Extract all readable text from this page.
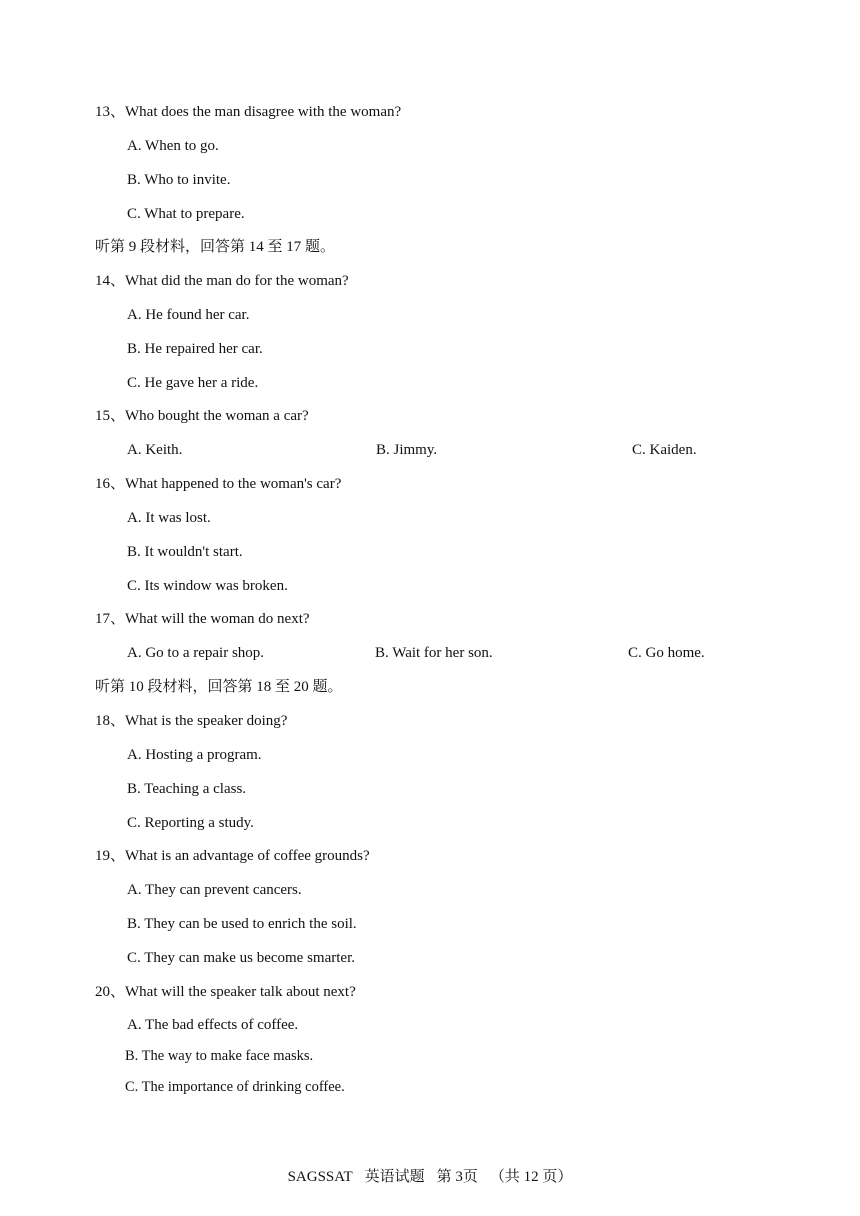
13、What does the man disagree with the woman?
A. When to go.
B. Who to invite.
C. What to prepare.
听第 9 段材料，回答第 14 至 17 题。
14、What did the man do for the woman?
A. He found her car.
B. He repaired her car.
C. He gave her a ride.
15、Who bought the woman a car?
A. Keith.	B. Jimmy.	C. Kaiden.
16、What happened to the woman's car?
A. It was lost.
B. It wouldn't start.
C. Its window was broken.
17、What will the woman do next?
A. Go to a repair shop.	B. Wait for her son.	C. Go home.
听第 10 段材料，回答第 18 至 20 题。
18、What is the speaker doing?
A. Hosting a program.
B. Teaching a class.
C. Reporting a study.
19、What is an advantage of coffee grounds?
A. They can prevent cancers.
B. They can be used to enrich the soil.
C. They can make us become smarter.
20、What will the speaker talk about next?
A. The bad effects of coffee.
B. The way to make face masks.
C. The importance of drinking coffee.
SAGSSAT 英语试题 第 3页 （共 12 页）
